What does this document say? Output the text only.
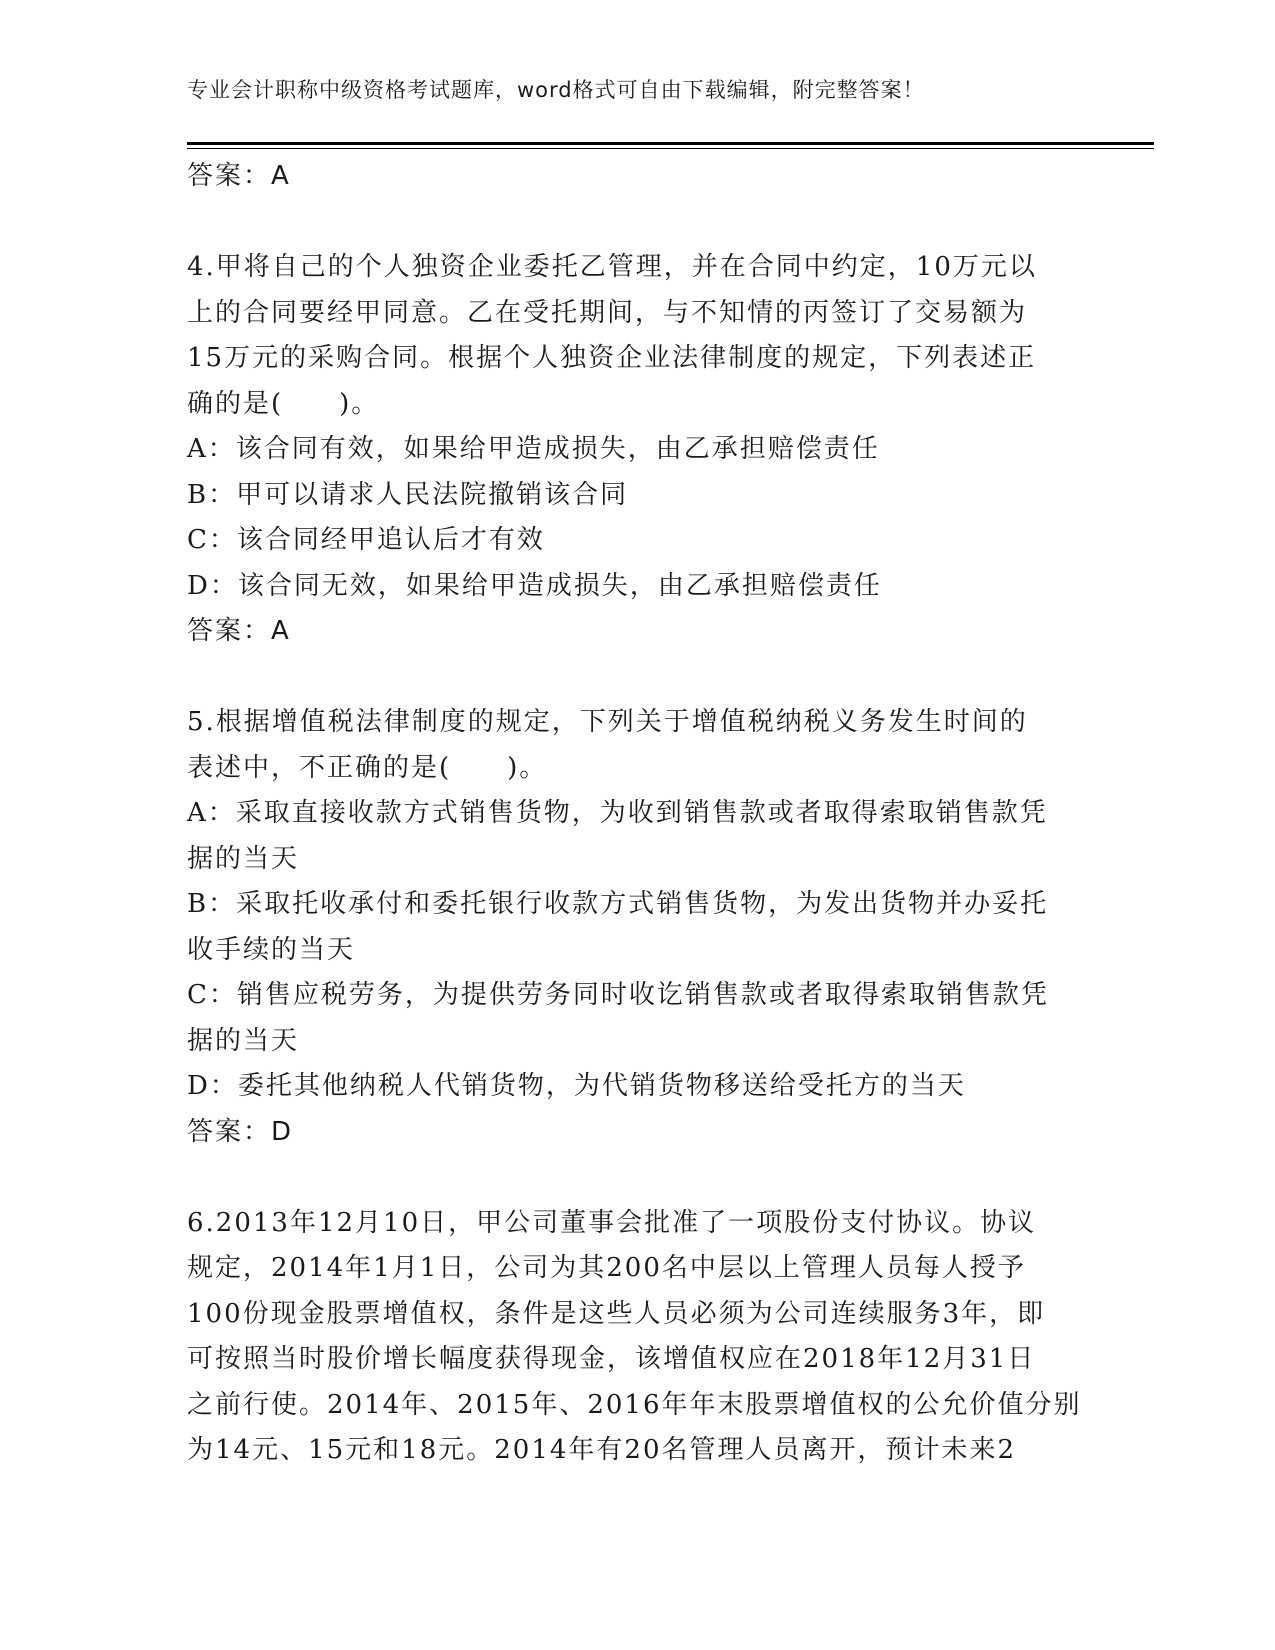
专业会计职称中级资格考试题库，word格式可自由下载编辑，附完整答案！
答案：A
4.甲将自己的个人独资企业委托乙管理，并在合同中约定，10万元以
上的合同要经甲同意。乙在受托期间，与不知情的丙签订了交易额为
15万元的采购合同。根据个人独资企业法律制度的规定，下列表述正
确的是(　　)。
A：该合同有效，如果给甲造成损失，由乙承担赔偿责任
B：甲可以请求人民法院撤销该合同
C：该合同经甲追认后才有效
D：该合同无效，如果给甲造成损失，由乙承担赔偿责任
答案：A
5.根据增值税法律制度的规定，下列关于增值税纳税义务发生时间的
表述中，不正确的是(　　)。
A：采取直接收款方式销售货物，为收到销售款或者取得索取销售款凭
据的当天
B：采取托收承付和委托银行收款方式销售货物，为发出货物并办妥托
收手续的当天
C：销售应税劳务，为提供劳务同时收讫销售款或者取得索取销售款凭
据的当天
D：委托其他纳税人代销货物，为代销货物移送给受托方的当天
答案：D
6.2013年12月10日，甲公司董事会批准了一项股份支付协议。协议
规定，2014年1月1日，公司为其200名中层以上管理人员每人授予
100份现金股票增值权，条件是这些人员必须为公司连续服务3年，即
可按照当时股价增长幅度获得现金，该增值权应在2018年12月31日
之前行使。2014年、2015年、2016年年末股票增值权的公允价值分别
为14元、15元和18元。2014年有20名管理人员离开，预计未来2
